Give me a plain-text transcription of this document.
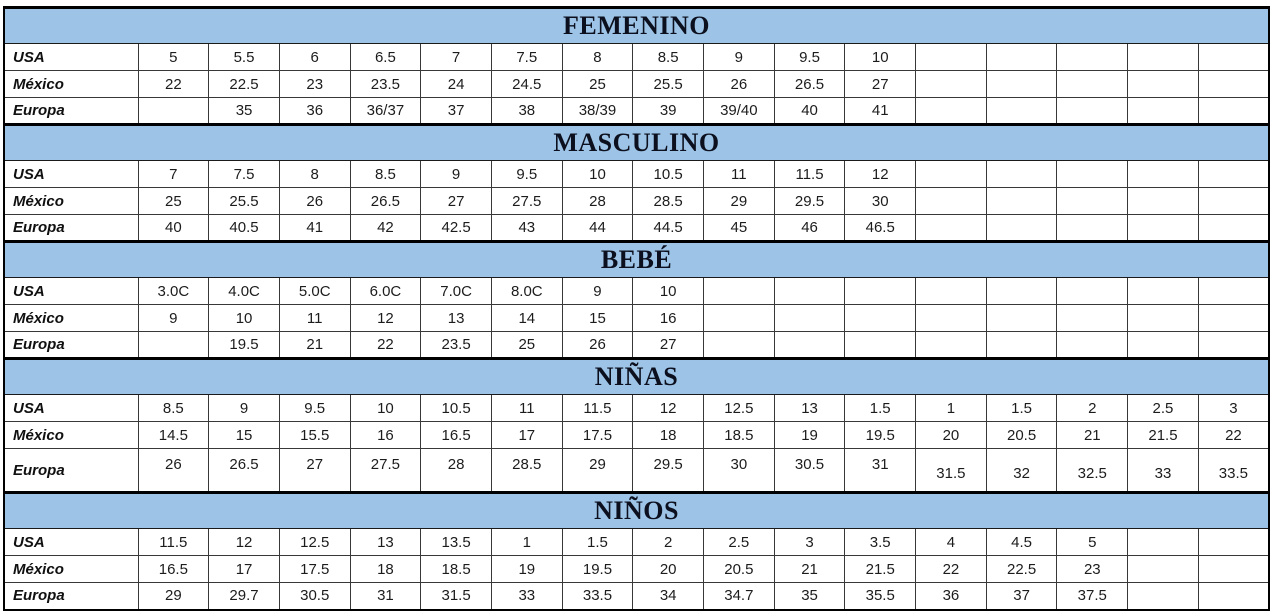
FEMENINO																
USA	5	5.5	6	6.5	7	7.5	8	8.5	9	9.5	10					
México	22	22.5	23	23.5	24	24.5	25	25.5	26	26.5	27					
Europa		35	36	36/37	37	38	38/39	39	39/40	40	41					
MASCULINO																
USA	7	7.5	8	8.5	9	9.5	10	10.5	11	11.5	12					
México	25	25.5	26	26.5	27	27.5	28	28.5	29	29.5	30					
Europa	40	40.5	41	42	42.5	43	44	44.5	45	46	46.5					
BEBÉ																
USA	3.0C	4.0C	5.0C	6.0C	7.0C	8.0C	9	10								
México	9	10	11	12	13	14	15	16								
Europa		19.5	21	22	23.5	25	26	27								
NIÑAS																
USA	8.5	9	9.5	10	10.5	11	11.5	12	12.5	13	1.5	1	1.5	2	2.5	3
México	14.5	15	15.5	16	16.5	17	17.5	18	18.5	19	19.5	20	20.5	21	21.5	22
Europa	26	26.5	27	27.5	28	28.5	29	29.5	30	30.5	31	31.5	32	32.5	33	33.5
NIÑOS																
USA	11.5	12	12.5	13	13.5	1	1.5	2	2.5	3	3.5	4	4.5	5		
México	16.5	17	17.5	18	18.5	19	19.5	20	20.5	21	21.5	22	22.5	23		
Europa	29	29.7	30.5	31	31.5	33	33.5	34	34.7	35	35.5	36	37	37.5		
